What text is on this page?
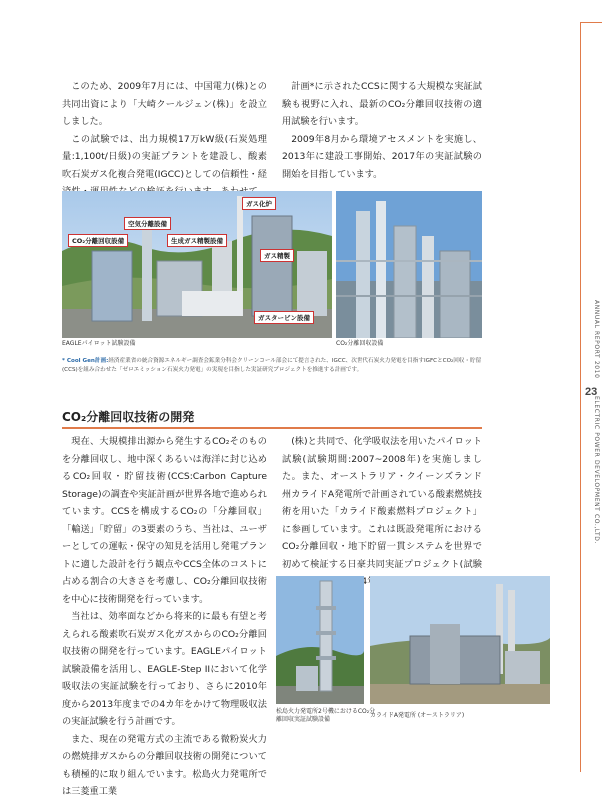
ANNUAL REPORT 2010
23
ELECTRIC POWER DEVELOPMENT CO.,LTD.

このため、2009年7月には、中国電力(株)との共同出資により「大崎クールジェン(株)」を設立しました。

この試験では、出力規模17万kW級(石炭処理量:1,100t/日級)の実証プラントを建設し、酸素吹石炭ガス化複合発電(IGCC)としての信頼性・経

計画*に示されたCCSに関する大規模な実証試験も視野に入れ、最新のCO₂分離回収技術の適用試験を行います。

2009年8月から環境アセスメントを実施し、2013年に建設工事開始、2017年の実証試験の開始を目指しています。

ガス化炉
空気分離設備
CO₂分離回収設備	生成ガス精製設備
ガス精製
ガスタービン設備
EAGLEパイロット試験設備	CO₂分離回収設備
* Cool Gen計画:経済産業省の統合資源エネルギー調査会鉱業分科会クリーンコール部会にて提言された、IGCC、次世代石炭火力発電を目指すIGFCとCO₂回収・貯留(CCS)を組み合わせた「ゼロエミッション石炭火力発電」の実現を目指した実証研究プロジェクトを推進する計画です。
CO₂分離回収技術の開発

現在、大規模排出源から発生するCO₂そのものを分離回収し、地中深くあるいは海洋に封じ込めるCO₂回収・貯留技術(CCS:Carbon Capture Storage)の調査や実証計画が世界各地で進められています。CCSを構成するCO₂の「分離回収」「輸送」「貯留」の3要素のうち、当社は、ユーザーとしての運転・保守の知見を活用し発電プラントに適した設計を行う観点やCCS全体のコストに占める割合の大きさを考慮し、CO₂分離回収技術を中心に技術開発を行っています。

当社は、効率面などから将来的に最も有望と考えられる酸素吹石炭ガス化ガスからのCO₂分離回収技術の開発を行っています。EAGLEパイロット試験設備を活用し、EAGLE-Step IIにおいて化学吸収法の実証試験を行っており、さらに2010年度から2013年度までの4カ年をかけて物理吸収法の実証試験を行う計画です。

また、現在の発電方式の主流である微粉炭火力の燃焼排ガスからの分離回収技術の開発についても積極的に取り組んでいます。松島火力発電所では三菱重工業

(株)と共同で、化学吸収法を用いたパイロット試験(試験期間:2007~2008年)を実施しました。また、オーストラリア・クイーンズランド州カライドA発電所で計画されている酸素燃焼技術を用いた「カライド酸素燃料プロジェクト」に参画しています。これは既設発電所におけるCO₂分離回収・地下貯留一貫システムを世界で初めて検証する日豪共同実証プロジェクト(試験 14年

松島火力発電所2号機におけるCO₂分離回収実証試験設備
カライドA発電所 (オーストラリア)
